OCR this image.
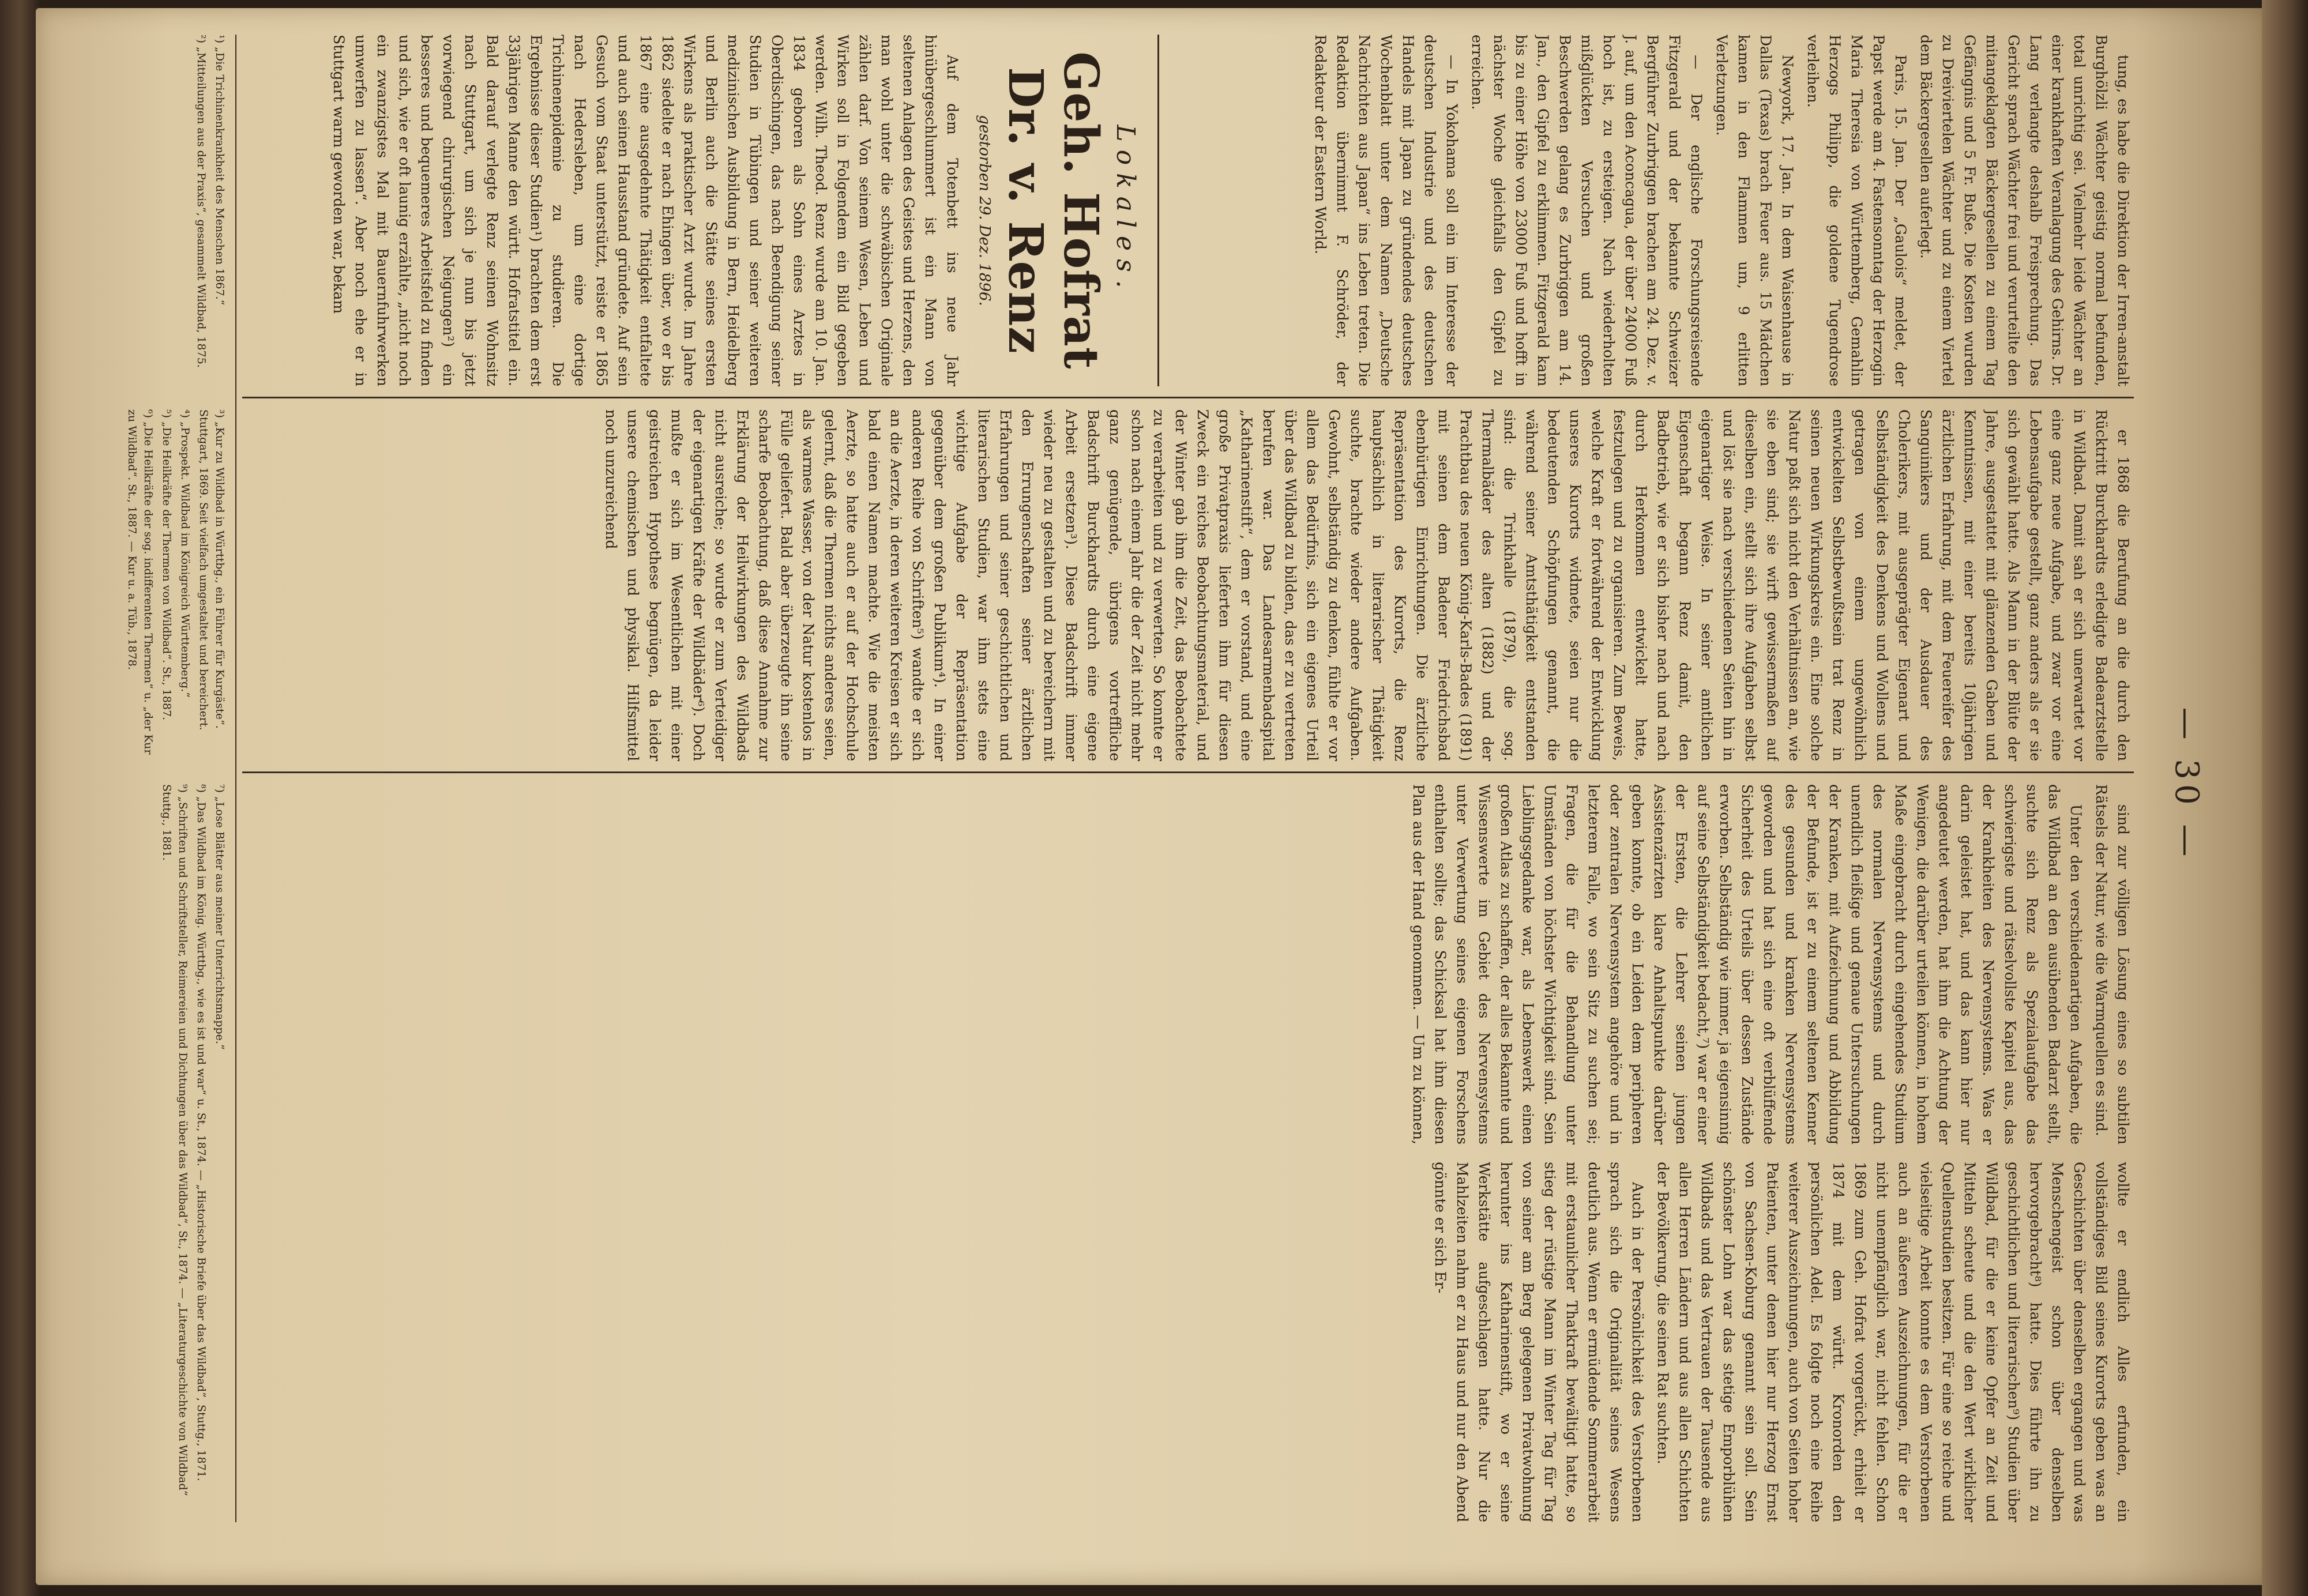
— 30 —

tung, es habe die Direktion der Irren-anstalt Burghölzli Wächter geistig normal befunden, total unrichtig sei. Vielmehr leide Wächter an einer krankhaften Veranlagung des Gehirns. Dr. Lang verlangte deshalb Freisprechung. Das Gericht sprach Wächter frei und verurteilte den mitangeklagten Bäckergesellen zu einem Tag Gefängnis und 5 Fr. Buße. Die Kosten wurden zu Dreiviertelen Wächter und zu einem Viertel dem Bäckergesellen auferlegt.

Paris, 15. Jan. Der „Gaulois“ meldet, der Papst werde am 4. Fastensonntag der Herzogin Maria Theresia von Württemberg, Gemahlin Herzogs Philipp, die goldene Tugendrose verleihen.

Newyork, 17. Jan. In dem Waisenhause in Dallas (Texas) brach Feuer aus. 15 Mädchen kamen in den Flammen um, 9 erlitten Verletzungen.

— Der englische Forschungsreisende Fitzgerald und der bekannte Schweizer Bergführer Zurbriggen brachen am 24. Dez. v. J. auf, um den Aconcagua, der über 24000 Fuß hoch ist, zu ersteigen. Nach wiederholten mißglückten Versuchen und großen Beschwerden gelang es Zurbriggen am 14. Jan., den Gipfel zu erklimmen. Fitzgerald kam bis zu einer Höhe von 23000 Fuß und hofft in nächster Woche gleichfalls den Gipfel zu erreichen.

— In Yokohama soll ein im Interesse der deutschen Industrie und des deutschen Handels mit Japan zu gründendes deutsches Wochenblatt unter dem Namen „Deutsche Nachrichten aus Japan“ ins Leben treten. Die Redaktion übernimmt F. Schröder, der Redakteur der Eastern World.

Lokales.
Geh. Hofrat Dr. v. Renz
gestorben 29. Dez. 1896.

Auf dem Totenbett ins neue Jahr hinübergeschlummert ist ein Mann von seltenen Anlagen des Geistes und Herzens, den man wohl unter die schwäbischen Originale zählen darf. Von seinem Wesen, Leben und Wirken soll in Folgendem ein Bild gegeben werden. Wilh. Theod. Renz wurde am 10. Jan. 1834 geboren als Sohn eines Arztes in Oberdischingen, das nach Beendigung seiner Studien in Tübingen und seiner weiteren medizinischen Ausbildung in Bern, Heidelberg und Berlin auch die Stätte seines ersten Wirkens als praktischer Arzt wurde. Im Jahre 1862 siedelte er nach Ehingen über, wo er bis 1867 eine ausgedehnte Thätigkeit entfaltete und auch seinen Hausstand gründete. Auf sein Gesuch vom Staat unterstützt, reiste er 1865 nach Hedersleben, um eine dortige Trichinenepidemie zu studieren. Die Ergebnisse dieser Studien¹) brachten dem erst 33jährigen Manne den württ. Hofratstitel ein. Bald darauf verlegte Renz seinen Wohnsitz nach Stuttgart, um sich je nun bis jetzt vorwiegend chirurgischen Neigungen²) ein besseres und bequemeres Arbeitsfeld zu finden und sich, wie er oft launig erzählte, „nicht noch ein zwanzigstes Mal mit Bauernfuhrwerken umwerfen zu lassen“. Aber noch ehe er in Stuttgart warm geworden war, bekam

er 1868 die Berufung an die durch den Rücktritt Burckhardts erledigte Badearztstelle in Wildbad. Damit sah er sich unerwartet vor eine ganz neue Aufgabe, und zwar vor eine Lebensaufgabe gestellt, ganz anders als er sie sich gewählt hatte. Als Mann in der Blüte der Jahre, ausgestattet mit glänzenden Gaben und Kenntnissen, mit einer bereits 10jährigen ärztlichen Erfahrung, mit dem Feuereifer des Sanguinikers und der Ausdauer des Cholerikers, mit ausgeprägter Eigenart und Selbständigkeit des Denkens und Wollens und getragen von einem ungewöhnlich entwickelten Selbstbewußtsein trat Renz in seinen neuen Wirkungskreis ein. Eine solche Natur paßt sich nicht den Verhältnissen an, wie sie eben sind; sie wirft gewissermaßen auf dieselben ein, stellt sich ihre Aufgaben selbst und löst sie nach verschiedenen Seiten hin in eigenartiger Weise. In seiner amtlichen Eigenschaft begann Renz damit, den Badbetrieb, wie er sich bisher nach und nach durch Herkommen entwickelt hatte, festzulegen und zu organisieren. Zum Beweis, welche Kraft er fortwährend der Entwicklung unseres Kurorts widmete, seien nur die bedeutenden Schöpfungen genannt, die während seiner Amtsthätigkeit entstanden sind: die Trinkhalle (1879), die sog. Thermalbäder des alten (1882) und der Prachtbau des neuen König-Karls-Bades (1891) mit seinen dem Badener Friedrichsbad ebenbürtigen Einrichtungen. Die ärztliche Repräsentation des Kurorts, die Renz hauptsächlich in literarischer Thätigkeit suchte, brachte wieder andere Aufgaben. Gewohnt, selbständig zu denken, fühlte er vor allem das Bedürfnis, sich ein eigenes Urteil über das Wildbad zu bilden, das er zu vertreten berufen war. Das Landesarmenbadspital „Katharinenstift“, dem er vorstand, und eine große Privatpraxis lieferten ihm für diesen Zweck ein reiches Beobachtungsmaterial, und der Winter gab ihm die Zeit, das Beobachtete zu verarbeiten und zu verwerten. So konnte er schon nach einem Jahr die der Zeit nicht mehr ganz genügende, übrigens vortreffliche Badschrift Burckhardts durch eine eigene Arbeit ersetzen³). Diese Badschrift immer wieder neu zu gestalten und zu bereichern mit den Errungenschaften seiner ärztlichen Erfahrungen und seiner geschichtlichen und literarischen Studien, war ihm stets eine wichtige Aufgabe der Repräsentation gegenüber dem großen Publikum⁴). In einer anderen Reihe von Schriften⁵) wandte er sich an die Aerzte, in deren weiteren Kreisen er sich bald einen Namen machte. Wie die meisten Aerzte, so hatte auch er auf der Hochschule gelernt, daß die Thermen nichts anderes seien, als warmes Wasser, von der Natur kostenlos in Fülle geliefert. Bald aber überzeugte ihn seine scharfe Beobachtung, daß diese Annahme zur Erklärung der Heilwirkungen des Wildbads nicht ausreiche; so wurde er zum Verteidiger der eigenartigen Kräfte der Wildbäder⁶). Doch mußte er sich im Wesentlichen mit einer geistreichen Hypothese begnügen, da leider unsere chemischen und physikal. Hilfsmittel noch unzureichend

sind zur völligen Lösung eines so subtilen Rätsels der Natur, wie die Warmquellen es sind.

Unter den verschiedenartigen Aufgaben, die das Wildbad an den ausübenden Badarzt stellt, suchte sich Renz als Spezialaufgabe das schwierigste und rätselvollste Kapitel aus, das der Krankheiten des Nervensystems. Was er darin geleistet hat, und das kann hier nur angedeutet werden, hat ihm die Achtung der Wenigen, die darüber urteilen können, in hohem Maße eingebracht durch eingehendes Studium des normalen Nervensystems und durch unendlich fleißige und genaue Untersuchungen der Kranken, mit Aufzeichnung und Abbildung der Befunde, ist er zu einem seltenen Kenner des gesunden und kranken Nervensystems geworden und hat sich eine oft verblüffende Sicherheit des Urteils über dessen Zustände erworben. Selbständig wie immer, ja eigensinnig auf seine Selbständigkeit bedacht,⁷) war er einer der Ersten, die Lehrer seinen jungen Assistenzärzten klare Anhaltspunkte darüber geben konnte, ob ein Leiden dem peripheren oder zentralen Nervensystem angehöre und in letzterem Falle, wo sein Sitz zu suchen sei; Fragen, die für die Behandlung unter Umständen von höchster Wichtigkeit sind. Sein Lieblingsgedanke war, als Lebenswerk einen großen Atlas zu schaffen, der alles Bekannte und Wissenswerte im Gebiet des Nervensystems unter Verwertung seines eigenen Forschens enthalten sollte; das Schicksal hat ihm diesen Plan aus der Hand genommen. — Um zu können, wollte er endlich Alles erfunden, ein vollständiges Bild seines Kurorts geben was an Geschichten über denselben ergangen und was Menschengeist schon über denselben hervorgebracht⁸) hatte. Dies führte ihn zu geschichtlichen und literarischen⁹) Studien über Wildbad, für die er keine Opfer an Zeit und Mitteln scheute und die den Wert wirklicher Quellenstudien besitzen. Für eine so reiche und vielseitige Arbeit konnte es dem Verstorbenen auch an äußeren Auszeichnungen, für die er nicht unempfänglich war, nicht fehlen. Schon 1869 zum Geh. Hofrat vorgerückt, erhielt er 1874 mit dem württ. Kronorden den persönlichen Adel. Es folgte noch eine Reihe weiterer Auszeichnungen, auch von Seiten hoher Patienten, unter denen hier nur Herzog Ernst von Sachsen-Koburg genannt sein soll. Sein schönster Lohn war das stetige Emporblühen Wildbads und das Vertrauen der Tausende aus allen Herren Ländern und aus allen Schichten der Bevölkerung, die seinen Rat suchten.

Auch in der Persönlichkeit des Verstorbenen sprach sich die Originalität seines Wesens deutlich aus. Wenn er ermüdende Sommerarbeit mit erstaunlicher Thatkraft bewältigt hatte, so stieg der rüstige Mann im Winter Tag für Tag von seiner am Berg gelegenen Privatwohnung herunter ins Katharinenstift, wo er seine Werkstätte aufgeschlagen hatte. Nur die Mahlzeiten nahm er zu Haus und nur den Abend gönnte er sich Er-

¹) „Die Trichinenkrankheit des Menschen 1867.“
²) „Mitteilungen aus der Praxis“, gesammelt Wildbad, 1875.
³) „Kur zu Wildbad in Württbg., ein Führer für Kurgäste“. Stuttgart, 1869. Seit vielfach umgestaltet und bereichert.
⁴) „Prospekt. Wildbad im Königreich Württemberg.“
⁵) „Die Heilkräfte der Thermen von Wildbad“. St., 1887.
⁶) „Die Heilkräfte der sog. indifferenten Thermen“ u. „der Kur zu Wildbad“. St., 1887. — Kur u. a. Tüb., 1878.
⁷) „Lose Blätter aus meiner Unterrichtsmappe.“
⁸) „Das Wildbad im König. Württbg., wie es ist und war“ u. St., 1874. — „Historische Briefe über das Wildbad“, Stuttg., 1871.
⁹) „Schriften und Schriftsteller, Reimereien und Dichtungen über das Wildbad“, St., 1874. — „Literaturgeschichte von Wildbad“ Stuttg., 1881.
